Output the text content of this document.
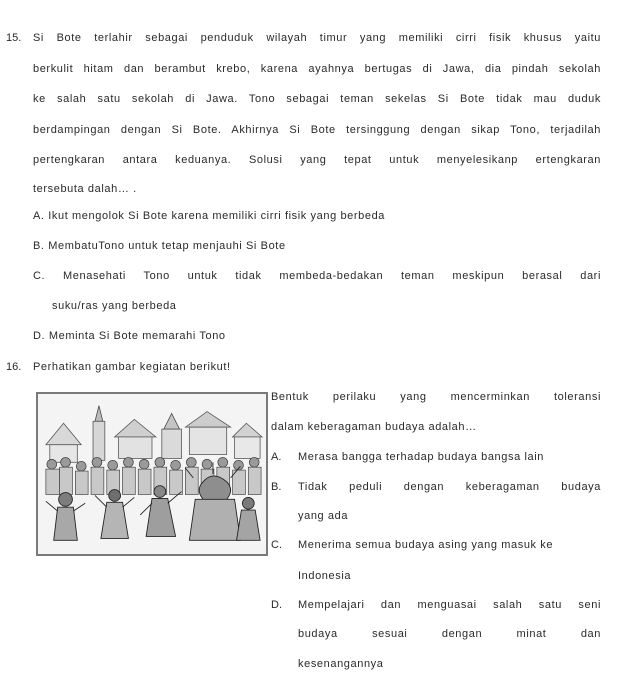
15. Si Bote terlahir sebagai penduduk wilayah timur yang memiliki cirri fisik khusus yaitu
berkulit hitam dan berambut krebo, karena ayahnya bertugas di Jawa, dia pindah sekolah
ke salah satu sekolah di Jawa. Tono sebagai teman sekelas Si Bote tidak mau duduk
berdampingan dengan Si Bote. Akhirnya Si Bote tersinggung dengan sikap Tono, terjadilah
pertengkaran antara keduanya. Solusi yang tepat untuk menyelesikanp ertengkaran
tersebuta dalah… .
A. Ikut mengolok Si Bote karena memiliki cirri fisik yang berbeda
B. MembatuTono untuk tetap menjauhi Si Bote
C. Menasehati Tono untuk tidak membeda-bedakan teman meskipun berasal dari
suku/ras yang berbeda
D. Meminta Si Bote memarahi Tono
16. Perhatikan gambar kegiatan berikut!
Bentuk perilaku yang mencerminkan toleransi
dalam keberagaman budaya adalah…
A. Merasa bangga terhadap budaya bangsa lain
B. Tidak peduli dengan keberagaman budaya
yang ada
C. Menerima semua budaya asing yang masuk ke
Indonesia
D. Mempelajari dan menguasai salah satu seni
budaya sesuai dengan minat dan
kesenangannya
